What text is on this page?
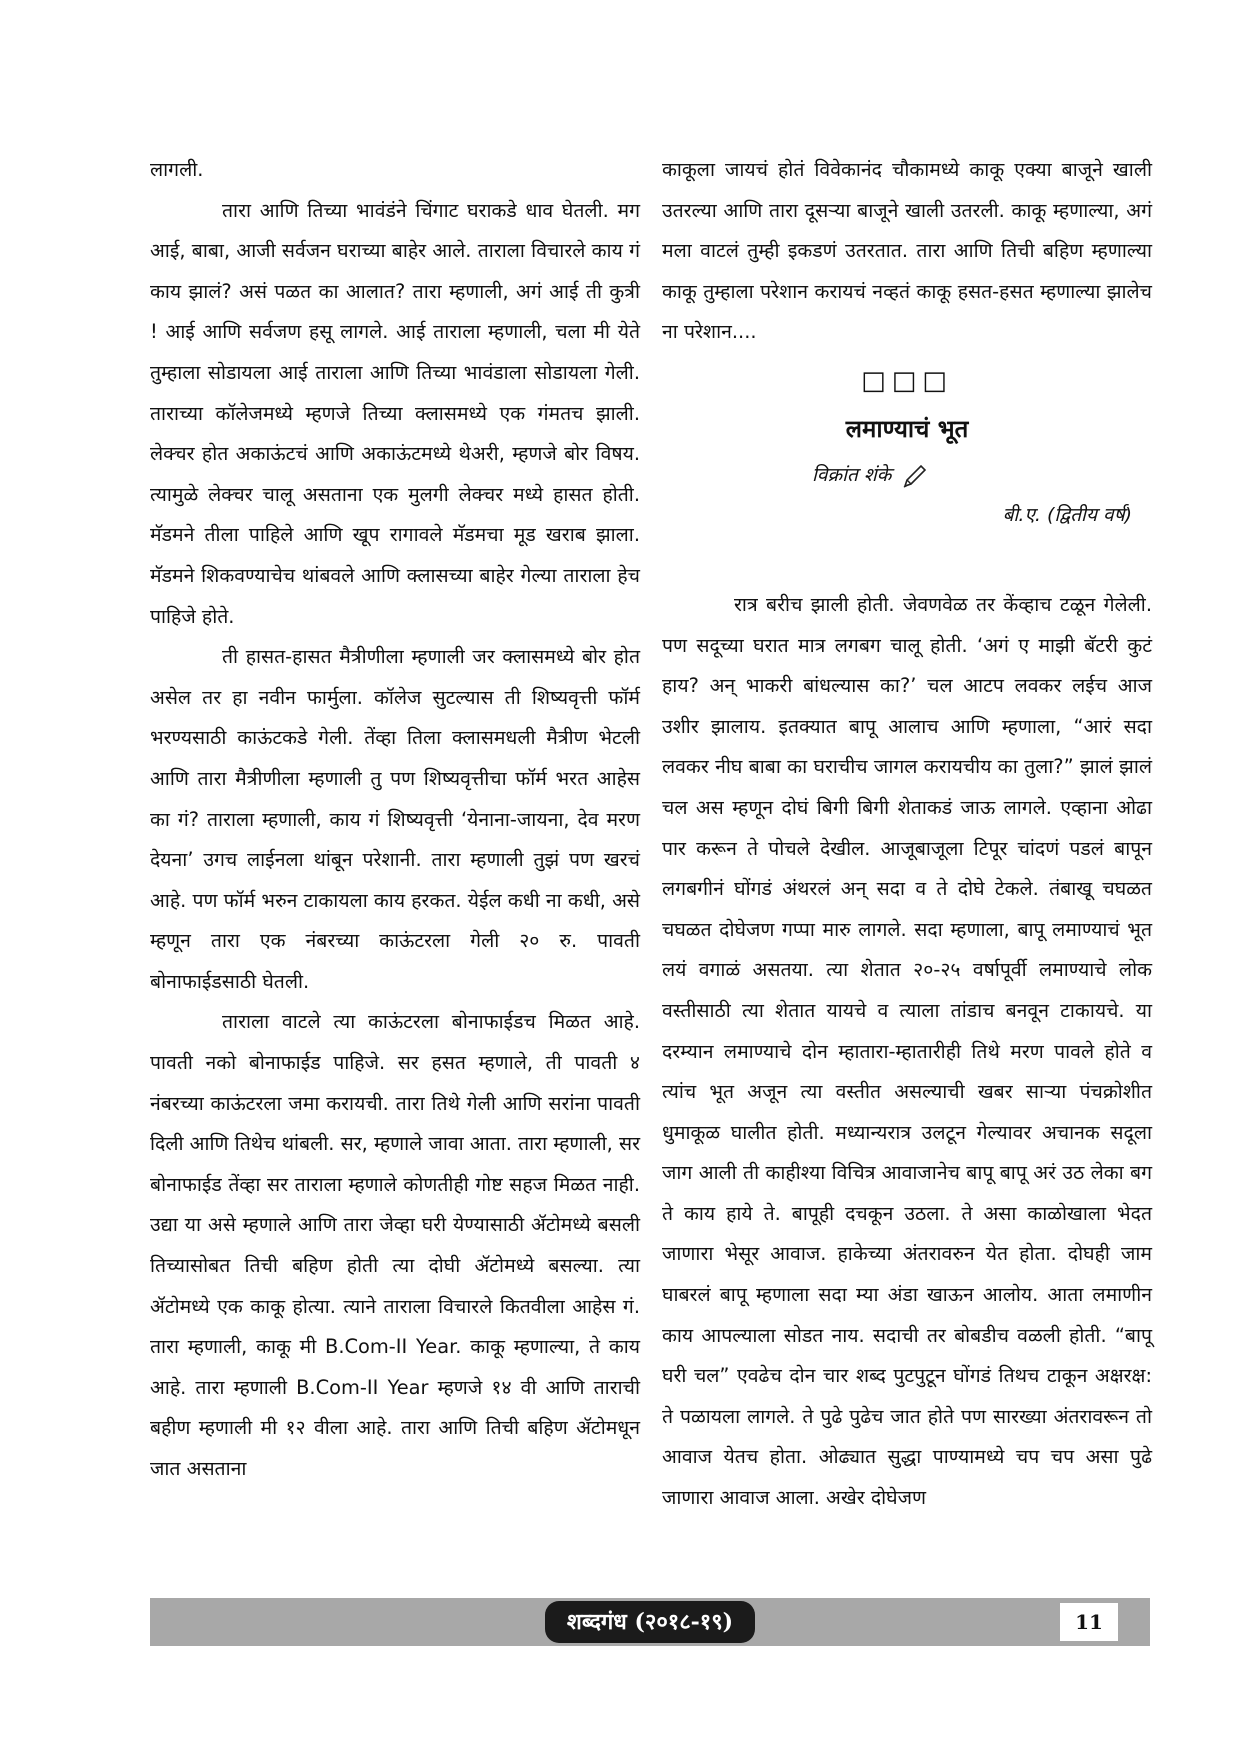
लागली.

तारा आणि तिच्या भावंडंने चिंगाट घराकडे धाव घेतली. मग आई, बाबा, आजी सर्वजन घराच्या बाहेर आले. ताराला विचारले काय गं काय झालं? असं पळत का आलात? तारा म्हणाली, अगं आई ती कुत्री ! आई आणि सर्वजण हसू लागले. आई ताराला म्हणाली, चला मी येते तुम्हाला सोडायला आई ताराला आणि तिच्या भावंडाला सोडायला गेली. ताराच्या कॉलेजमध्ये म्हणजे तिच्या क्लासमध्ये एक गंमतच झाली. लेक्चर होत अकाऊंटचं आणि अकाऊंटमध्ये थेअरी, म्हणजे बोर विषय. त्यामुळे लेक्चर चालू असताना एक मुलगी लेक्चर मध्ये हासत होती. मॅडमने तीला पाहिले आणि खूप रागावले मॅडमचा मूड खराब झाला. मॅडमने शिकवण्याचेच थांबवले आणि क्लासच्या बाहेर गेल्या ताराला हेच पाहिजे होते.

ती हासत-हासत मैत्रीणीला म्हणाली जर क्लासमध्ये बोर होत असेल तर हा नवीन फार्मुला. कॉलेज सुटल्यास ती शिष्यवृत्ती फॉर्म भरण्यसाठी काऊंटकडे गेली. तेंव्हा तिला क्लासमधली मैत्रीण भेटली आणि तारा मैत्रीणीला म्हणाली तु पण शिष्यवृत्तीचा फॉर्म भरत आहेस का गं? ताराला म्हणाली, काय गं शिष्यवृत्ती ‘येनाना-जायना, देव मरण देयना’ उगच लाईनला थांबून परेशानी. तारा म्हणाली तुझं पण खरचं आहे. पण फॉर्म भरुन टाकायला काय हरकत. येईल कधी ना कधी, असे म्हणून तारा एक नंबरच्या काऊंटरला गेली २० रु. पावती बोनाफाईडसाठी घेतली.

ताराला वाटले त्या काऊंटरला बोनाफाईडच मिळत आहे. पावती नको बोनाफाईड पाहिजे. सर हसत म्हणाले, ती पावती ४ नंबरच्या काऊंटरला जमा करायची. तारा तिथे गेली आणि सरांना पावती दिली आणि तिथेच थांबली. सर, म्हणाले जावा आता. तारा म्हणाली, सर बोनाफाईड तेंव्हा सर ताराला म्हणाले कोणतीही गोष्ट सहज मिळत नाही. उद्या या असे म्हणाले आणि तारा जेव्हा घरी येण्यासाठी ॲटोमध्ये बसली तिच्यासोबत तिची बहिण होती त्या दोघी ॲटोमध्ये बसल्या. त्या ॲटोमध्ये एक काकू होत्या. त्याने ताराला विचारले कितवीला आहेस गं. तारा म्हणाली, काकू मी B.Com-II Year. काकू म्हणाल्या, ते काय आहे. तारा म्हणाली B.Com-II Year म्हणजे १४ वी आणि ताराची बहीण म्हणाली मी १२ वीला आहे. तारा आणि तिची बहिण ॲटोमधून जात असताना

काकूला जायचं होतं विवेकानंद चौकामध्ये काकू एक्या बाजूने खाली उतरल्या आणि तारा दूसऱ्या बाजूने खाली उतरली. काकू म्हणाल्या, अगं मला वाटलं तुम्ही इकडणं उतरतात. तारा आणि तिची बहिण म्हणाल्या काकू तुम्हाला परेशान करायचं नव्हतं काकू हसत-हसत म्हणाल्या झालेच ना परेशान....

□□□
लमाण्याचं भूत
विक्रांत शंके
बी.ए. (द्वितीय वर्ष)

रात्र बरीच झाली होती. जेवणवेळ तर केंव्हाच टळून गेलेली. पण सदूच्या घरात मात्र लगबग चालू होती. ‘अगं ए माझी बॅटरी कुटं हाय? अन् भाकरी बांधल्यास का?’ चल आटप लवकर लईच आज उशीर झालाय. इतक्यात बापू आलाच आणि म्हणाला, “आरं सदा लवकर नीघ बाबा का घराचीच जागल करायचीय का तुला?” झालं झालं चल अस म्हणून दोघं बिगी बिगी शेताकडं जाऊ लागले. एव्हाना ओढा पार करून ते पोचले देखील. आजूबाजूला टिपूर चांदणं पडलं बापून लगबगीनं घोंगडं अंथरलं अन् सदा व ते दोघे टेकले. तंबाखू चघळत चघळत दोघेजण गप्पा मारु लागले. सदा म्हणाला, बापू लमाण्याचं भूत लयं वगाळं असतया. त्या शेतात २०-२५ वर्षापूर्वी लमाण्याचे लोक वस्तीसाठी त्या शेतात यायचे व त्याला तांडाच बनवून टाकायचे. या दरम्यान लमाण्याचे दोन म्हातारा-म्हातारीही तिथे मरण पावले होते व त्यांच भूत अजून त्या वस्तीत असल्याची खबर साऱ्या पंचक्रोशीत धुमाकूळ घालीत होती. मध्यान्यरात्र उलटून गेल्यावर अचानक सदूला जाग आली ती काहीश्या विचित्र आवाजानेच बापू बापू अरं उठ लेका बग ते काय हाये ते. बापूही दचकून उठला. ते असा काळोखाला भेदत जाणारा भेसूर आवाज. हाकेच्या अंतरावरुन येत होता. दोघही जाम घाबरलं बापू म्हणाला सदा म्या अंडा खाऊन आलोय. आता लमाणीन काय आपल्याला सोडत नाय. सदाची तर बोबडीच वळली होती. “बापू घरी चल” एवढेच दोन चार शब्द पुटपुटून घोंगडं तिथच टाकून अक्षरक्ष: ते पळायला लागले. ते पुढे पुढेच जात होते पण सारख्या अंतरावरून तो आवाज येतच होता. ओढ्यात सुद्धा पाण्यामध्ये चप चप असा पुढे जाणारा आवाज आला. अखेर दोघेजण

शब्दगंध (२०१८-१९)	11
